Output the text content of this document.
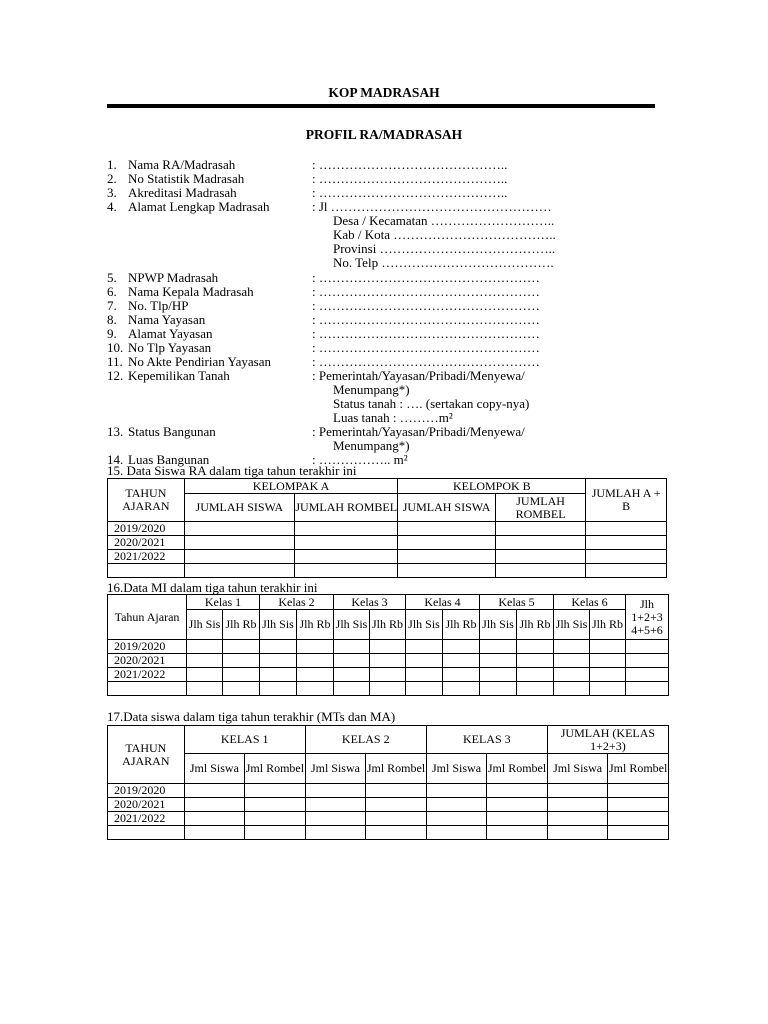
KOP MADRASAH
PROFIL RA/MADRASAH
1. Nama RA/Madrasah	: ……………………………………..
2. No Statistik Madrasah	: ……………………………………..
3. Akreditasi Madrasah	: ……………………………………..
4. Alamat Lengkap Madrasah	: Jl ……………………………………………
Desa / Kecamatan ………………………..
Kab / Kota ………………………………..
Provinsi …………………………………..
No. Telp ………………………………….
5. NPWP Madrasah	: ……………………………………………
6. Nama Kepala Madrasah	: ……………………………………………
7. No. Tlp/HP	: ……………………………………………
8. Nama Yayasan	: ……………………………………………
9. Alamat Yayasan	: ……………………………………………
10. No Tlp Yayasan	: ……………………………………………
11. No Akte Pendirian Yayasan	: ……………………………………………
12. Kepemilikan Tanah	: Pemerintah/Yayasan/Pribadi/Menyewa/
Menumpang*)
Status tanah : …. (sertakan copy-nya)
Luas tanah : ………m²
13. Status Bangunan	: Pemerintah/Yayasan/Pribadi/Menyewa/
Menumpang*)
14. Luas Bangunan	: …………….. m²
15. Data Siswa RA dalam tiga tahun terakhir ini
TAHUN AJARAN	KELOMPAK A		KELOMPOK B		JUMLAH A + B
	JUMLAH SISWA	JUMLAH ROMBEL	JUMLAH SISWA	JUMLAH ROMBEL	
2019/2020					
2020/2021					
2021/2022					

16.Data MI dalam tiga tahun terakhir ini
Tahun Ajaran	Kelas 1		Kelas 2		Kelas 3		Kelas 4		Kelas 5		Kelas 6		Jlh 1+2+3 4+5+6
	Jlh Sis	Jlh Rb	Jlh Sis	Jlh Rb	Jlh Sis	Jlh Rb	Jlh Sis	Jlh Rb	Jlh Sis	Jlh Rb	Jlh Sis	Jlh Rb	
2019/2020													
2020/2021													
2021/2022													

17.Data siswa dalam tiga tahun terakhir (MTs dan MA)
TAHUN AJARAN	KELAS 1		KELAS 2		KELAS 3		JUMLAH (KELAS 1+2+3)	
	Jml Siswa	Jml Rombel	Jml Siswa	Jml Rombel	Jml Siswa	Jml Rombel	Jml Siswa	Jml Rombel
2019/2020								
2020/2021								
2021/2022								
